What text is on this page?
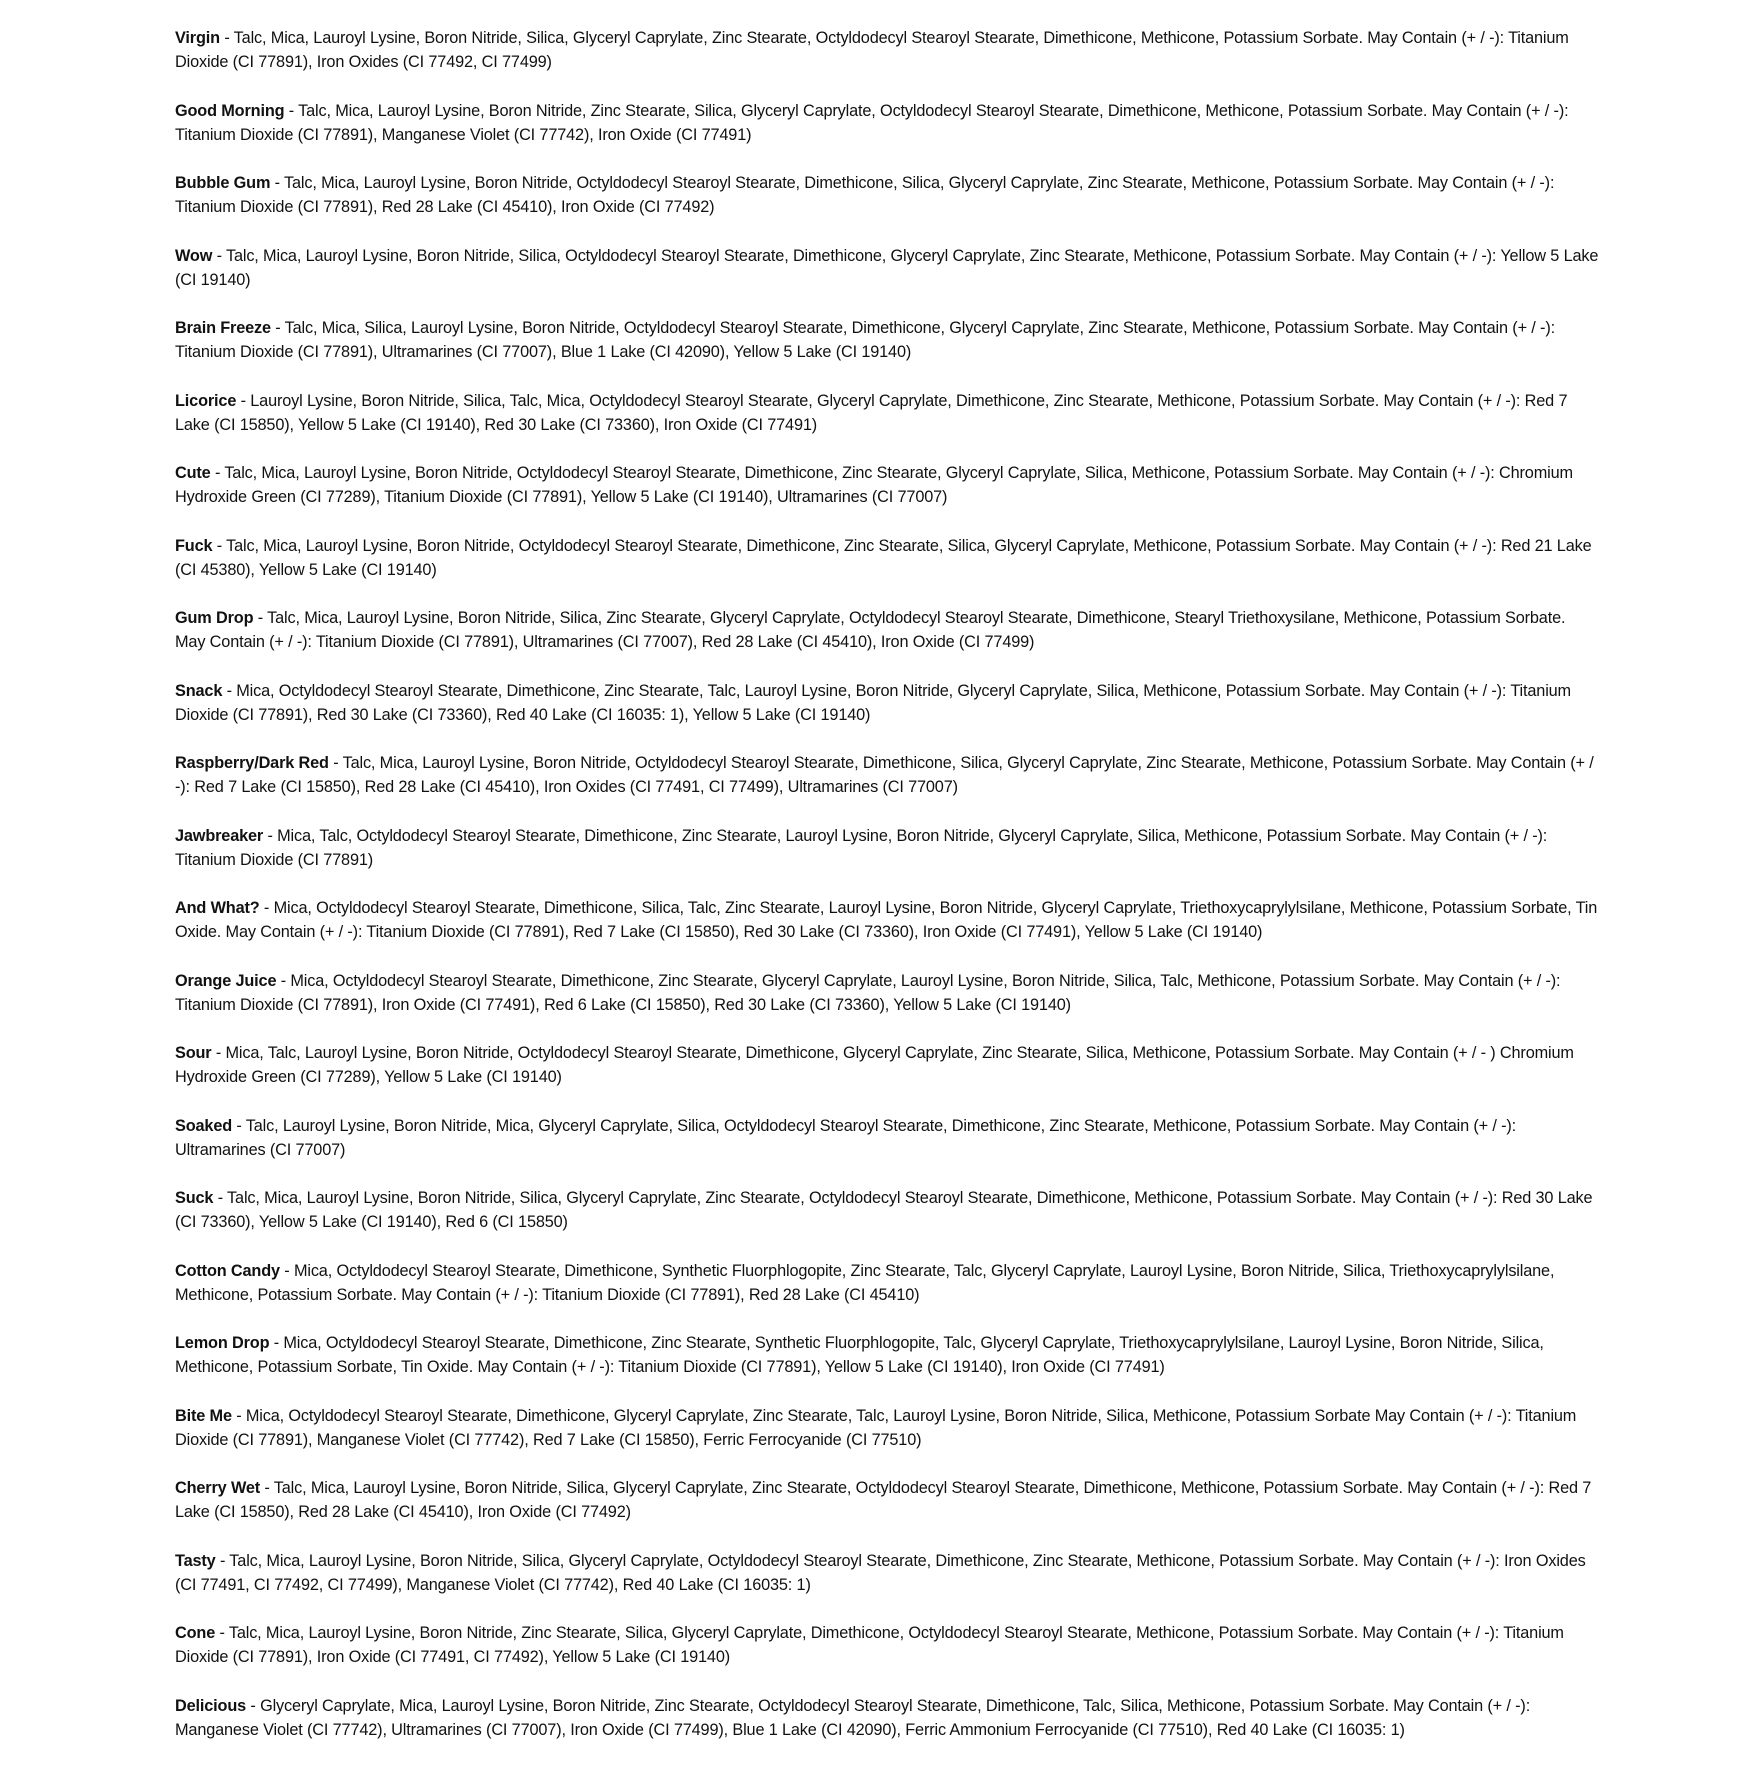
Virgin - Talc, Mica, Lauroyl Lysine, Boron Nitride, Silica, Glyceryl Caprylate, Zinc Stearate, Octyldodecyl Stearoyl Stearate, Dimethicone, Methicone, Potassium Sorbate. May Contain (+ / -): Titanium Dioxide (CI 77891), Iron Oxides (CI 77492, CI 77499)

Good Morning - Talc, Mica, Lauroyl Lysine, Boron Nitride, Zinc Stearate, Silica, Glyceryl Caprylate, Octyldodecyl Stearoyl Stearate, Dimethicone, Methicone, Potassium Sorbate. May Contain (+ / -): Titanium Dioxide (CI 77891), Manganese Violet (CI 77742), Iron Oxide (CI 77491)

Bubble Gum - Talc, Mica, Lauroyl Lysine, Boron Nitride, Octyldodecyl Stearoyl Stearate, Dimethicone, Silica, Glyceryl Caprylate, Zinc Stearate, Methicone, Potassium Sorbate. May Contain (+ / -): Titanium Dioxide (CI 77891), Red 28 Lake (CI 45410), Iron Oxide (CI 77492)

Wow - Talc, Mica, Lauroyl Lysine, Boron Nitride, Silica, Octyldodecyl Stearoyl Stearate, Dimethicone, Glyceryl Caprylate, Zinc Stearate, Methicone, Potassium Sorbate. May Contain (+ / -): Yellow 5 Lake (CI 19140)

Brain Freeze - Talc, Mica, Silica, Lauroyl Lysine, Boron Nitride, Octyldodecyl Stearoyl Stearate, Dimethicone, Glyceryl Caprylate, Zinc Stearate, Methicone, Potassium Sorbate. May Contain (+ / -): Titanium Dioxide (CI 77891), Ultramarines (CI 77007), Blue 1 Lake (CI 42090), Yellow 5 Lake (CI 19140)

Licorice - Lauroyl Lysine, Boron Nitride, Silica, Talc, Mica, Octyldodecyl Stearoyl Stearate, Glyceryl Caprylate, Dimethicone, Zinc Stearate, Methicone, Potassium Sorbate. May Contain (+ / -): Red 7 Lake (CI 15850), Yellow 5 Lake (CI 19140), Red 30 Lake (CI 73360), Iron Oxide (CI 77491)

Cute - Talc, Mica, Lauroyl Lysine, Boron Nitride, Octyldodecyl Stearoyl Stearate, Dimethicone, Zinc Stearate, Glyceryl Caprylate, Silica, Methicone, Potassium Sorbate. May Contain (+ / -): Chromium Hydroxide Green (CI 77289), Titanium Dioxide (CI 77891), Yellow 5 Lake (CI 19140), Ultramarines (CI 77007)

Fuck - Talc, Mica, Lauroyl Lysine, Boron Nitride, Octyldodecyl Stearoyl Stearate, Dimethicone, Zinc Stearate, Silica, Glyceryl Caprylate, Methicone, Potassium Sorbate. May Contain (+ / -): Red 21 Lake (CI 45380), Yellow 5 Lake (CI 19140)

Gum Drop - Talc, Mica, Lauroyl Lysine, Boron Nitride, Silica, Zinc Stearate, Glyceryl Caprylate, Octyldodecyl Stearoyl Stearate, Dimethicone, Stearyl Triethoxysilane, Methicone, Potassium Sorbate. May Contain (+ / -): Titanium Dioxide (CI 77891), Ultramarines (CI 77007), Red 28 Lake (CI 45410), Iron Oxide (CI 77499)

Snack - Mica, Octyldodecyl Stearoyl Stearate, Dimethicone, Zinc Stearate, Talc, Lauroyl Lysine, Boron Nitride, Glyceryl Caprylate, Silica, Methicone, Potassium Sorbate. May Contain (+ / -): Titanium Dioxide (CI 77891), Red 30 Lake (CI 73360), Red 40 Lake (CI 16035: 1), Yellow 5 Lake (CI 19140)

Raspberry/Dark Red - Talc, Mica, Lauroyl Lysine, Boron Nitride, Octyldodecyl Stearoyl Stearate, Dimethicone, Silica, Glyceryl Caprylate, Zinc Stearate, Methicone, Potassium Sorbate. May Contain (+ / -): Red 7 Lake (CI 15850), Red 28 Lake (CI 45410), Iron Oxides (CI 77491, CI 77499), Ultramarines (CI 77007)

Jawbreaker - Mica, Talc, Octyldodecyl Stearoyl Stearate, Dimethicone, Zinc Stearate, Lauroyl Lysine, Boron Nitride, Glyceryl Caprylate, Silica, Methicone, Potassium Sorbate. May Contain (+ / -): Titanium Dioxide (CI 77891)

And What? - Mica, Octyldodecyl Stearoyl Stearate, Dimethicone, Silica, Talc, Zinc Stearate, Lauroyl Lysine, Boron Nitride, Glyceryl Caprylate, Triethoxycaprylylsilane, Methicone, Potassium Sorbate, Tin Oxide. May Contain (+ / -): Titanium Dioxide (CI 77891), Red 7 Lake (CI 15850), Red 30 Lake (CI 73360), Iron Oxide (CI 77491), Yellow 5 Lake (CI 19140)

Orange Juice - Mica, Octyldodecyl Stearoyl Stearate, Dimethicone, Zinc Stearate, Glyceryl Caprylate, Lauroyl Lysine, Boron Nitride, Silica, Talc, Methicone, Potassium Sorbate. May Contain (+ / -): Titanium Dioxide (CI 77891), Iron Oxide (CI 77491), Red 6 Lake (CI 15850), Red 30 Lake (CI 73360), Yellow 5 Lake (CI 19140)

Sour - Mica, Talc, Lauroyl Lysine, Boron Nitride, Octyldodecyl Stearoyl Stearate, Dimethicone, Glyceryl Caprylate, Zinc Stearate, Silica, Methicone, Potassium Sorbate. May Contain (+ / - ) Chromium Hydroxide Green (CI 77289), Yellow 5 Lake (CI 19140)

Soaked - Talc, Lauroyl Lysine, Boron Nitride, Mica, Glyceryl Caprylate, Silica, Octyldodecyl Stearoyl Stearate, Dimethicone, Zinc Stearate, Methicone, Potassium Sorbate. May Contain (+ / -): Ultramarines (CI 77007)

Suck - Talc, Mica, Lauroyl Lysine, Boron Nitride, Silica, Glyceryl Caprylate, Zinc Stearate, Octyldodecyl Stearoyl Stearate, Dimethicone, Methicone, Potassium Sorbate. May Contain (+ / -): Red 30 Lake (CI 73360), Yellow 5 Lake (CI 19140), Red 6 (CI 15850)

Cotton Candy - Mica, Octyldodecyl Stearoyl Stearate, Dimethicone, Synthetic Fluorphlogopite, Zinc Stearate, Talc, Glyceryl Caprylate, Lauroyl Lysine, Boron Nitride, Silica, Triethoxycaprylylsilane, Methicone, Potassium Sorbate. May Contain (+ / -): Titanium Dioxide (CI 77891), Red 28 Lake (CI 45410)

Lemon Drop - Mica, Octyldodecyl Stearoyl Stearate, Dimethicone, Zinc Stearate, Synthetic Fluorphlogopite, Talc, Glyceryl Caprylate, Triethoxycaprylylsilane, Lauroyl Lysine, Boron Nitride, Silica, Methicone, Potassium Sorbate, Tin Oxide. May Contain (+ / -): Titanium Dioxide (CI 77891), Yellow 5 Lake (CI 19140), Iron Oxide (CI 77491)

Bite Me - Mica, Octyldodecyl Stearoyl Stearate, Dimethicone, Glyceryl Caprylate, Zinc Stearate, Talc, Lauroyl Lysine, Boron Nitride, Silica, Methicone, Potassium Sorbate May Contain (+ / -): Titanium Dioxide (CI 77891), Manganese Violet (CI 77742), Red 7 Lake (CI 15850), Ferric Ferrocyanide (CI 77510)

Cherry Wet - Talc, Mica, Lauroyl Lysine, Boron Nitride, Silica, Glyceryl Caprylate, Zinc Stearate, Octyldodecyl Stearoyl Stearate, Dimethicone, Methicone, Potassium Sorbate. May Contain (+ / -): Red 7 Lake (CI 15850), Red 28 Lake (CI 45410), Iron Oxide (CI 77492)

Tasty - Talc, Mica, Lauroyl Lysine, Boron Nitride, Silica, Glyceryl Caprylate, Octyldodecyl Stearoyl Stearate, Dimethicone, Zinc Stearate, Methicone, Potassium Sorbate. May Contain (+ / -): Iron Oxides (CI 77491, CI 77492, CI 77499), Manganese Violet (CI 77742), Red 40 Lake (CI 16035: 1)

Cone - Talc, Mica, Lauroyl Lysine, Boron Nitride, Zinc Stearate, Silica, Glyceryl Caprylate, Dimethicone, Octyldodecyl Stearoyl Stearate, Methicone, Potassium Sorbate. May Contain (+ / -): Titanium Dioxide (CI 77891), Iron Oxide (CI 77491, CI 77492), Yellow 5 Lake (CI 19140)

Delicious - Glyceryl Caprylate, Mica, Lauroyl Lysine, Boron Nitride, Zinc Stearate, Octyldodecyl Stearoyl Stearate, Dimethicone, Talc, Silica, Methicone, Potassium Sorbate. May Contain (+ / -): Manganese Violet (CI 77742), Ultramarines (CI 77007), Iron Oxide (CI 77499), Blue 1 Lake (CI 42090), Ferric Ammonium Ferrocyanide (CI 77510), Red 40 Lake (CI 16035: 1)
